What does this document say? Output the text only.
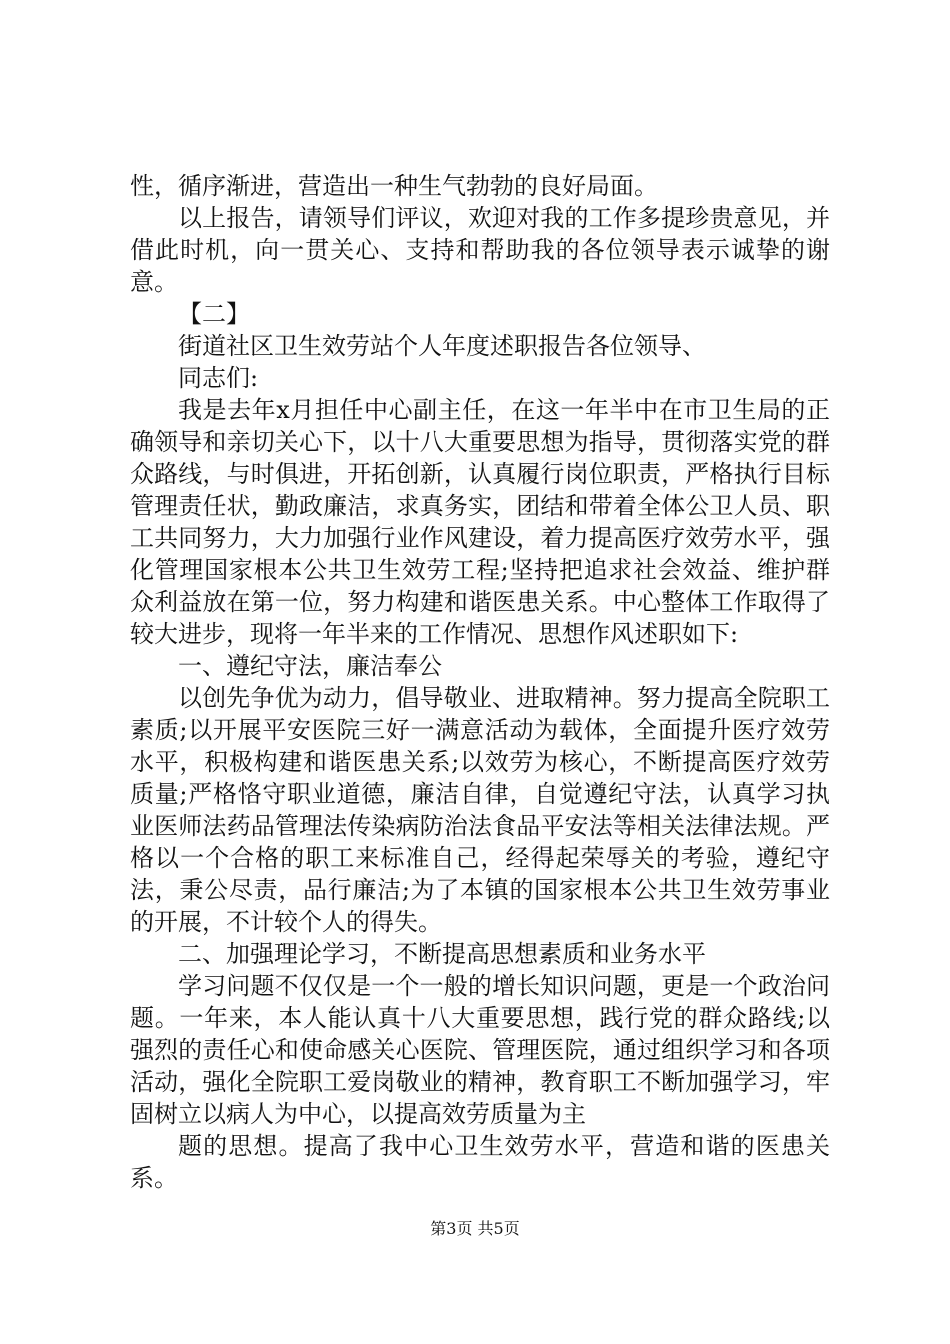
性，循序渐进，营造出一种生气勃勃的良好局面。

以上报告，请领导们评议，欢迎对我的工作多提珍贵意见，并借此时机，向一贯关心、支持和帮助我的各位领导表示诚挚的谢意。

【二】

街道社区卫生效劳站个人年度述职报告各位领导、

同志们:

我是去年x月担任中心副主任，在这一年半中在市卫生局的正确领导和亲切关心下，以十八大重要思想为指导，贯彻落实党的群众路线，与时俱进，开拓创新，认真履行岗位职责，严格执行目标管理责任状，勤政廉洁，求真务实，团结和带着全体公卫人员、职工共同努力，大力加强行业作风建设，着力提高医疗效劳水平，强化管理国家根本公共卫生效劳工程;坚持把追求社会效益、维护群众利益放在第一位，努力构建和谐医患关系。中心整体工作取得了较大进步，现将一年半来的工作情况、思想作风述职如下:

一、遵纪守法，廉洁奉公

以创先争优为动力，倡导敬业、进取精神。努力提高全院职工素质;以开展平安医院三好一满意活动为载体，全面提升医疗效劳水平，积极构建和谐医患关系;以效劳为核心，不断提高医疗效劳质量;严格恪守职业道德，廉洁自律，自觉遵纪守法，认真学习执业医师法药品管理法传染病防治法食品平安法等相关法律法规。严格以一个合格的职工来标准自己，经得起荣辱关的考验，遵纪守法，秉公尽责，品行廉洁;为了本镇的国家根本公共卫生效劳事业的开展，不计较个人的得失。

二、加强理论学习，不断提高思想素质和业务水平

学习问题不仅仅是一个一般的增长知识问题，更是一个政治问题。一年来，本人能认真十八大重要思想，践行党的群众路线;以强烈的责任心和使命感关心医院、管理医院，通过组织学习和各项活动，强化全院职工爱岗敬业的精神，教育职工不断加强学习，牢固树立以病人为中心，以提高效劳质量为主

题的思想。提高了我中心卫生效劳水平，营造和谐的医患关系。

第3页 共5页
